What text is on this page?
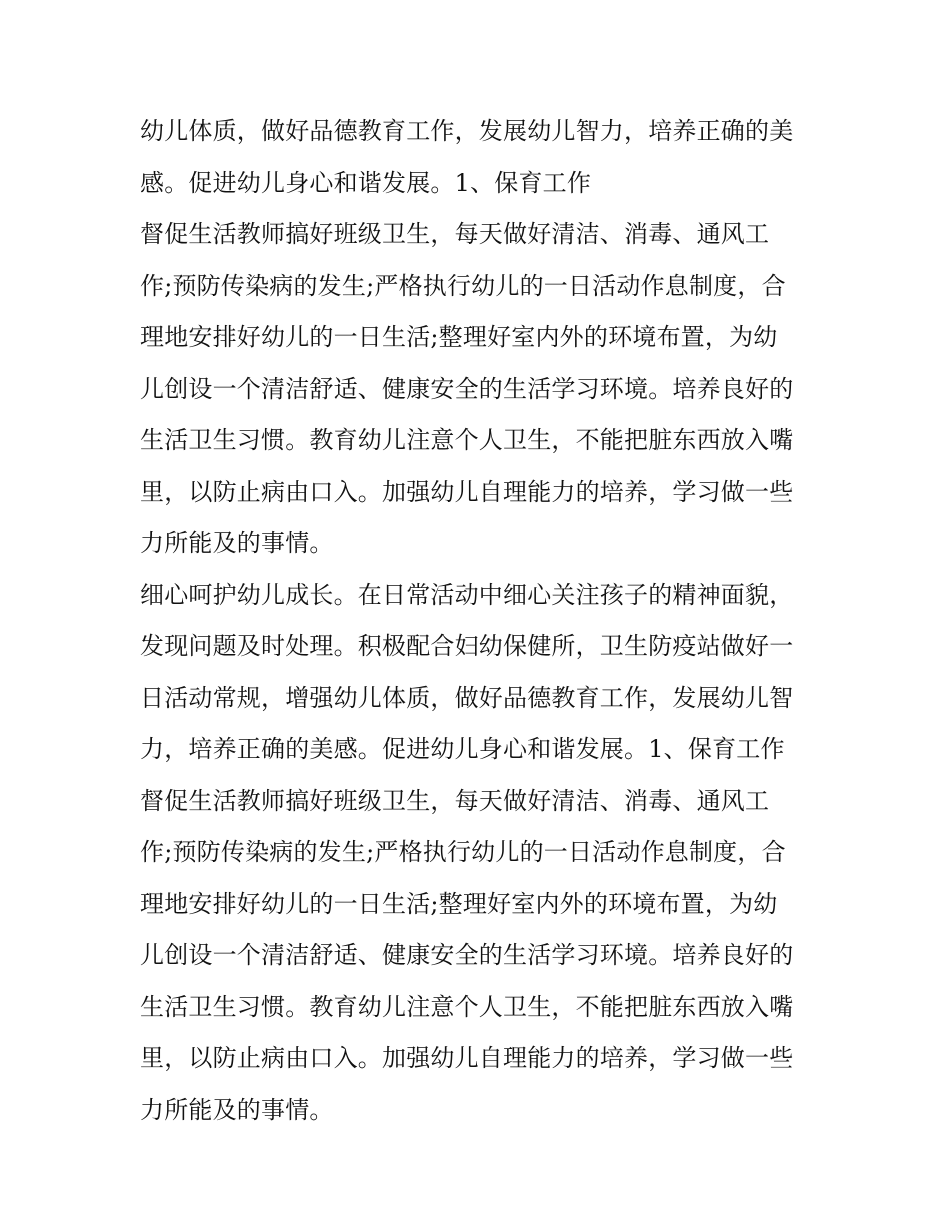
幼儿体质，做好品德教育工作，发展幼儿智力，培养正确的美
感。促进幼儿身心和谐发展。1、保育工作
督促生活教师搞好班级卫生，每天做好清洁、消毒、通风工
作;预防传染病的发生;严格执行幼儿的一日活动作息制度，合
理地安排好幼儿的一日生活;整理好室内外的环境布置，为幼
儿创设一个清洁舒适、健康安全的生活学习环境。培养良好的
生活卫生习惯。教育幼儿注意个人卫生，不能把脏东西放入嘴
里，以防止病由口入。加强幼儿自理能力的培养，学习做一些
力所能及的事情。
细心呵护幼儿成长。在日常活动中细心关注孩子的精神面貌，
发现问题及时处理。积极配合妇幼保健所，卫生防疫站做好一
日活动常规，增强幼儿体质，做好品德教育工作，发展幼儿智
力，培养正确的美感。促进幼儿身心和谐发展。1、保育工作
督促生活教师搞好班级卫生，每天做好清洁、消毒、通风工
作;预防传染病的发生;严格执行幼儿的一日活动作息制度，合
理地安排好幼儿的一日生活;整理好室内外的环境布置，为幼
儿创设一个清洁舒适、健康安全的生活学习环境。培养良好的
生活卫生习惯。教育幼儿注意个人卫生，不能把脏东西放入嘴
里，以防止病由口入。加强幼儿自理能力的培养，学习做一些
力所能及的事情。
